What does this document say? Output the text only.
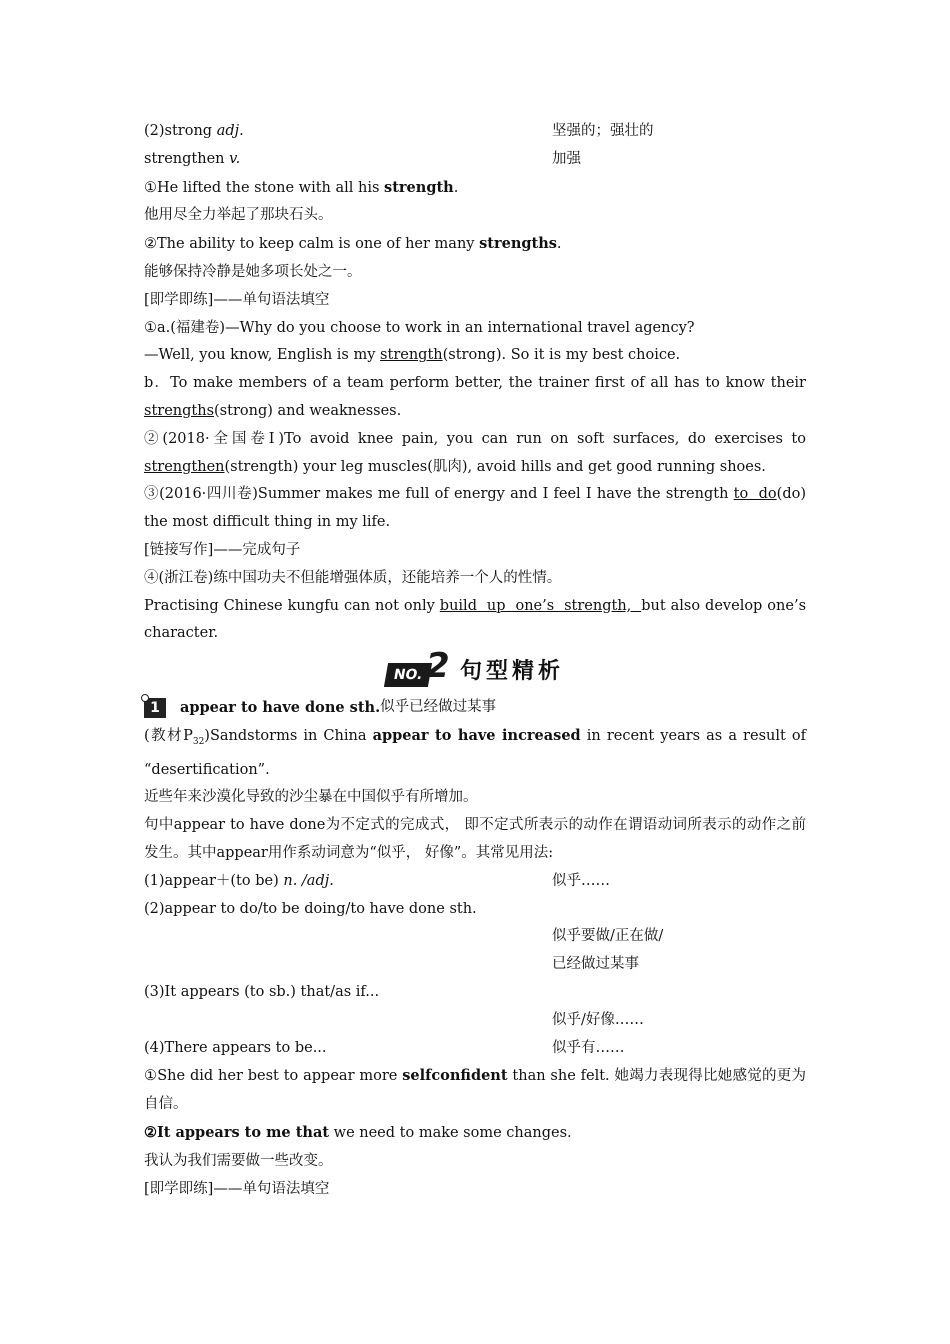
(2)strong adj.	坚强的；强壮的
strengthen v.	加强
①He lifted the stone with all his strength.
他用尽全力举起了那块石头。
②The ability to keep calm is one of her many strengths.
能够保持冷静是她多项长处之一。
[即学即练]——单句语法填空
①a.(福建卷)—Why do you choose to work in an international travel agency?
—Well, you know, English is my strength(strong). So it is my best choice.
b．To make members of a team perform better, the trainer first of all has to know their strengths(strong) and weaknesses.
②(2018·全国卷Ⅰ)To avoid knee pain, you can run on soft surfaces, do exercises to strengthen(strength) your leg muscles(肌肉), avoid hills and get good running shoes.
③(2016·四川卷)Summer makes me full of energy and I feel I have the strength to  do(do) the most difficult thing in my life.
[链接写作]——完成句子
④(浙江卷)练中国功夫不但能增强体质，还能培养一个人的性情。
Practising Chinese kungfu can not only build  up  one’s  strength,  but also develop one’s character.
NO. 2 句型精析
1	appear to have done sth. 似乎已经做过某事
(教材$P_{32})Sandstorms$ in China appear to have increased in recent years as a result of “desertification”.
近些年来沙漠化导致的沙尘暴在中国似乎有所增加。
句中appear to have done为不定式的完成式， 即不定式所表示的动作在谓语动词所表示的动作之前发生。其中appear用作系动词意为“似乎， 好像”。其常见用法:
(1)appear＋(to be) n. /adj.	似乎……
(2)appear to do/to be doing/to have done sth.
似乎要做/正在做/
已经做过某事
(3)It appears (to sb.) that/as if...
似乎/好像……
(4)There appears to be...	似乎有……
①She did her best to appear more selfconfident than she felt. 她竭力表现得比她感觉的更为自信。
②It appears to me that we need to make some changes.
我认为我们需要做一些改变。
[即学即练]——单句语法填空
